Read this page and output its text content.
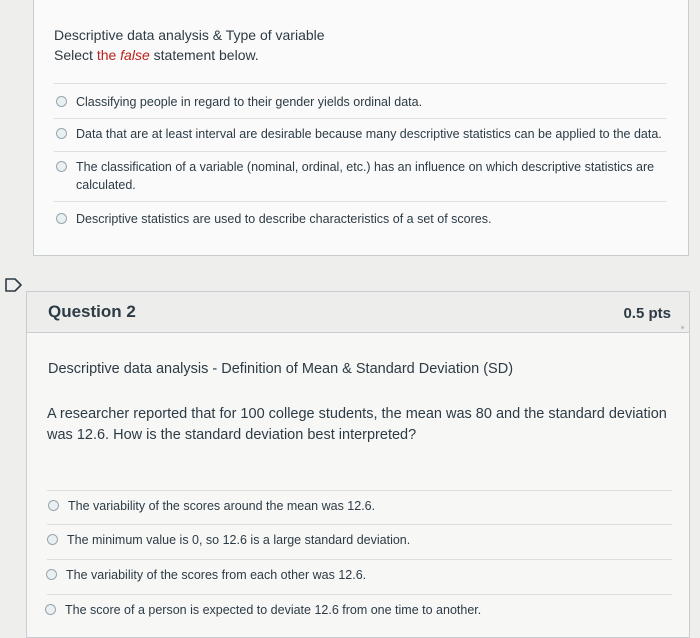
Descriptive data analysis & Type of variable
Select the false statement below.
Classifying people in regard to their gender yields ordinal data.
Data that are at least interval are desirable because many descriptive statistics can be applied to the data.
The classification of a variable (nominal, ordinal, etc.) has an influence on which descriptive statistics are calculated.
Descriptive statistics are used to describe characteristics of a set of scores.
Question 2	0.5 pts
Descriptive data analysis - Definition of Mean & Standard Deviation (SD)
A researcher reported that for 100 college students, the mean was 80 and the standard deviation was 12.6. How is the standard deviation best interpreted?
The variability of the scores around the mean was 12.6.
The minimum value is 0, so 12.6 is a large standard deviation.
The variability of the scores from each other was 12.6.
The score of a person is expected to deviate 12.6 from one time to another.
